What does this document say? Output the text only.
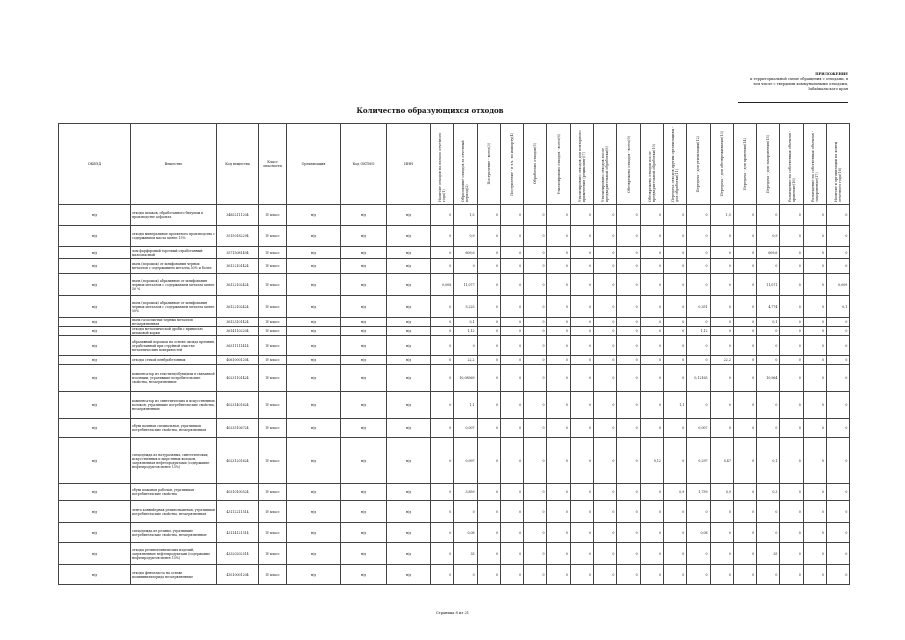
ПРИЛОЖЕНИЕ
к территориальной схеме обращения с отходами, в
том числе с твердыми коммунальными отходами,
Забайкальского края
Количество образующихся отходов
ОКВЭД	Вещество	Код вещества	Класс опасности	Организация	Код ОКТМО	ИНН	Наличие отходов на начало отчетного года(1)	Образование отходов за отчетный период(2)	Поступление - всего(3)	Поступление - в т.ч. по импорту(4)	Обработано отходов(5)	Утилизировано отходов - всего(6)	Утилизировано отходов для повторного применения (рециклинг)(7)	Утилизировано отходов после предварительной обработки(8)	Обезврежено отходов - всего(9)	Обезврежено отходов после предварительной обработки(10)	Передача отходов другим организациям - для обработки(11)	Передача - для утилизации(12)	Передача - для обезвреживания(13)	Передача - для хранения(14)	Передача - для захоронения(15)	Размещение на собственных объектах - хранение(16)	Размещение на собственных объектах - захоронение(17)	Наличие в организации на конец отчетного года(18)

н/д	отходы шлаков, обработанного битумом в производстве асфальта	34852111204	IV класс	н/д	н/д	н/д	0	1,5	0	0	0	0	0	0	0	0	0	0	1,5	0	0	0	0	0
н/д	отходы минеральные проектного производства с содержанием масла менее 15%	35150182294	IV класс	н/д	н/д	н/д	0	0,9	0	0	0	0	0	0	0	0	0	0	0	0	0,9	0	0	0
н/д	лом фарфоровый торговый отработанный малоопасный	35715081494	IV класс	н/д	н/д	н/д	0	609,6	0	0	0	0	0	0	0	0	0	0	0	0	609,6	0	0	0
н/д	пыль (порошок) от шлифования черных металлов с содержанием металла 50% и более	36122101424	IV класс	н/д	н/д	н/д	0	0	0	0	0	0	0	0	0	0	0	0	0	0	0	0	0	0
н/д	пыль (порошок) абразивные от шлифования черных металлов с содержанием металла менее 50 %	36122102424	IV класс	н/д	н/д	н/д	0,008	11,077	0	0	0	0	0	0	0	0	0	0	0	0	11,071	0	0	0,009
н/д	пыль (порошок) абразивные от шлифования черных металлов с содержанием металла менее 50%	36122102424	IV класс	н/д	н/д	н/д	0	5,225	0	0	0	0	0	0	0	0	0	0,351	0	0	4,774	0	0	0,1
н/д	пыль газоочистки черных металлов незагрязненная	36123101424	IV класс	н/д	н/д	н/д	0	0,1	0	0	0	0	0	0	0	0	0	0	0	0	0,1	0	0	0
н/д	отходы металлической дроби с примесью шлаковой корки	36141102204	IV класс	н/д	н/д	н/д	0	1,12	0	0	0	0	0	0	0	0	0	1,12	0	0	0	0	0	0
н/д	абразивный порошок на основе оксида кремния, отработанный при струйной очистке металлических поверхностей	36311111414	IV класс	н/д	н/д	н/д	0	0	0	0	0	0	0	0	0	0	0	0	0	0	0	0	0	0
н/д	отходы сеткой пенбробетонных	40610001204	IV класс	н/д	н/д	н/д	0	22,2	0	0	0	0	0	0	0	0	0	0	22,2	0	0	0	0	0
н/д	компенсатор из текстиля/обуви/или в связанной изоляции, утратившие потребительские свойства, незагрязненные	40231101424	IV класс	н/д	н/д	н/д	0	10,08569	0	0	0	0	0	0	0	0	0	0,12165	0	0	10,964	0	0	0
н/д	компенсатор из синтетических и искусственных волокон, утратившие потребительские свойства, незагрязненные	40231401624	IV класс	н/д	н/д	н/д	0	1,1	0	0	0	0	0	0	0	0	1,1	0	0	0	0	0	0	0
н/д	обувь валяная специальная, утратившая потребительские свойства, незагрязненная	40235106724	IV класс	н/д	н/д	н/д	0	0,007	0	0	0	0	0	0	0	0	0	0,007	0	0	0	0	0	0
н/д	спецодежда из натуральных, синтетических, искусственных и шерстяных волокон, загрязненная нефтепродуктами (содержание нефтепродуктов менее 15%)	40231201624	IV класс	н/д	н/д	н/д	0	0,997	0	0	0	0	0	0	0	0,12	0	0,297	0,47	0	0,1	0	0	0
н/д	обувь кожаная рабочая, утратившая потребительские свойства	40310100524	IV класс	н/д	н/д	н/д	0	3,859	0	0	0	0	0	0	0	0	0,9	1,759	0,9	0	0,3	0	0	0
н/д	лента конвейерная резинотканевая, утратившая потребительские свойства, незагрязненная	43112211514	IV класс	н/д	н/д	н/д	0	0	0	0	0	0	0	0	0	0	0	0	0	0	0	0	0	0
н/д	спецодежда из резины, утратившие потребительские свойства, незагрязненные	43114121514	IV класс	н/д	н/д	н/д	0	0,08	0	0	0	0	0	0	0	0	0	0,08	0	0	0	0	0	0
н/д	отходы резинотехнических изделий, загрязненные нефтепродуктами (содержание нефтепродуктов менее 15%)	43320202514	IV класс	н/д	н/д	н/д	0	35	0	0	0	0	0	0	0	0	0	0	0	0	35	0	0	0
н/д	отходы фенопласта на основе поливинилхлорида незагрязненные	43510001204	IV класс	н/д	н/д	н/д	0	0	0	0	0	0	0	0	0	0	0	0	0	0	0	0	0	0
Страница 8 из 21
